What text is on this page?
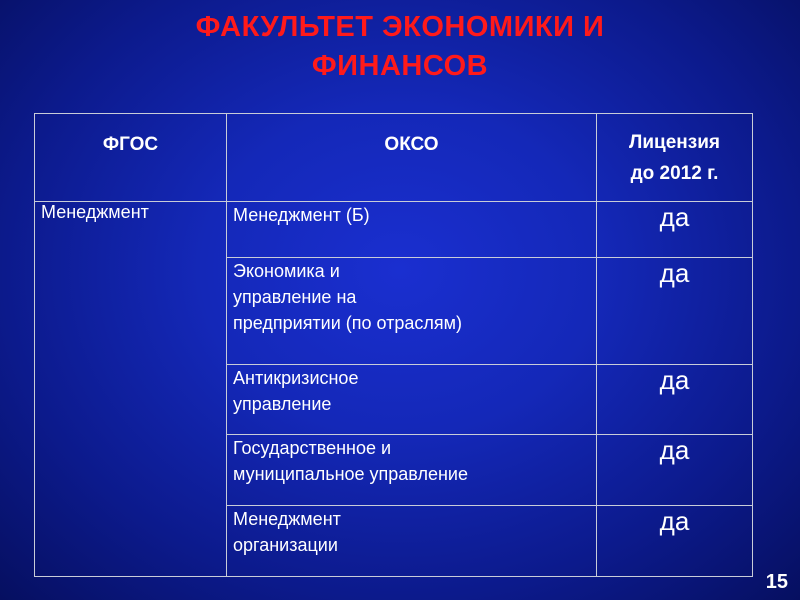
ФАКУЛЬТЕТ ЭКОНОМИКИ И
ФИНАНСОВ
ФГОС	ОКСО	Лицензия
до 2012 г.

Менеджмент	Менеджмент (Б)	да

	Экономика и
управление на
предприятии (по отраслям)	да

	Антикризисное
управление	да

	Государственное и
муниципальное управление	да

	Менеджмент
организации	да
15
